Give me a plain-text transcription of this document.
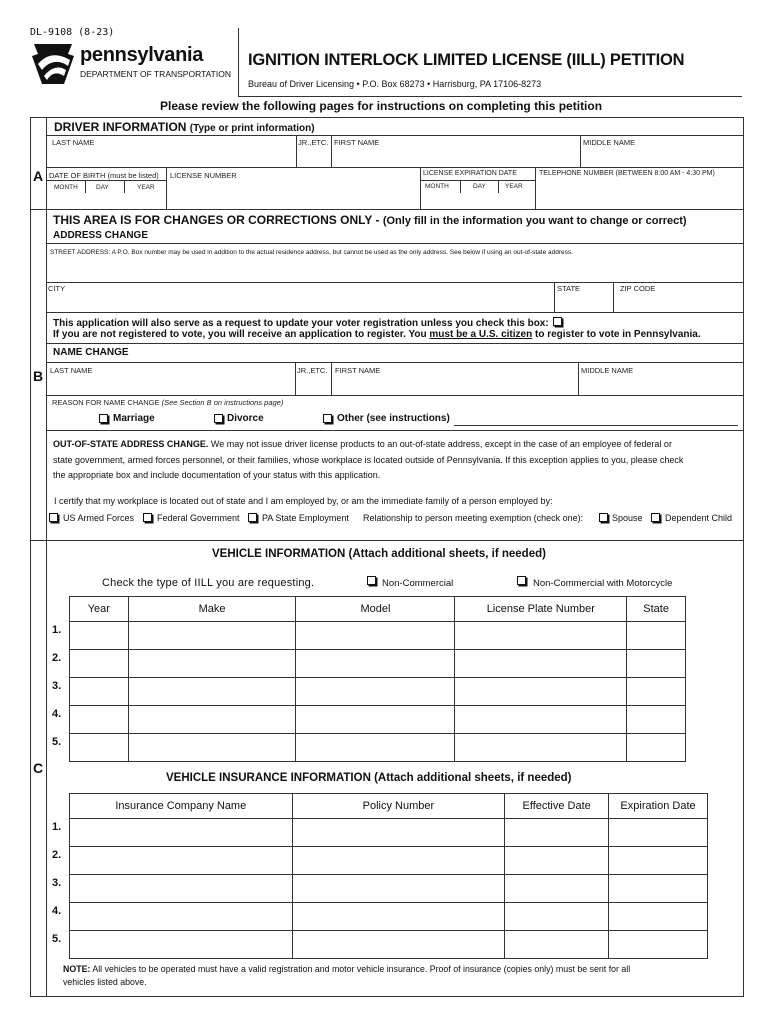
DL-9108 (8-23)
pennsylvania
DEPARTMENT OF TRANSPORTATION
IGNITION INTERLOCK LIMITED LICENSE (IILL) PETITION
Bureau of Driver Licensing • P.O. Box 68273 • Harrisburg, PA 17106-8273
Please review the following pages for instructions on completing this petition
A
B
C
DRIVER INFORMATION (Type or print information)
LAST NAME	JR.,ETC. FIRST NAME	MIDDLE NAME
DATE OF BIRTH (must be listed)
MONTH	DAY	YEAR
LICENSE NUMBER	LICENSE EXPIRATION DATE
MONTH	DAY	YEAR
TELEPHONE NUMBER (BETWEEN 8:00 AM - 4:30 PM)
THIS AREA IS FOR CHANGES OR CORRECTIONS ONLY - (Only fill in the information you want to change or correct)
ADDRESS CHANGE
STREET ADDRESS: A P.O. Box number may be used in addition to the actual residence address, but cannot be used as the only address. See below if using an out-of-state address.
CITY	STATE	ZIP CODE
This application will also serve as a request to update your voter registration unless you check this box:
If you are not registered to vote, you will receive an application to register. You must be a U.S. citizen to register to vote in Pennsylvania.
NAME CHANGE
LAST NAME	JR.,ETC. FIRST NAME	MIDDLE NAME
REASON FOR NAME CHANGE (See Section B on instructions page)
Marriage	Divorce	Other (see instructions)
OUT-OF-STATE ADDRESS CHANGE. We may not issue driver license products to an out-of-state address, except in the case of an employee of federal or
state government, armed forces personnel, or their families, whose workplace is located outside of Pennsylvania. If this exception applies to you, please check
the appropriate box and include documentation of your status with this application.
I certify that my workplace is located out of state and I am employed by, or am the immediate family of a person employed by:
US Armed Forces	Federal Government PA State Employment Relationship to person meeting exemption (check one):	Spouse Dependent Child
VEHICLE INFORMATION (Attach additional sheets, if needed)
Check the type of IILL you are requesting.	Non-Commercial	Non-Commercial with Motorcycle
Year	Make	Model	License Plate Number	State

1.
2.
3.
4.
5.
VEHICLE INSURANCE INFORMATION (Attach additional sheets, if needed)
Insurance Company Name	Policy Number	Effective Date	Expiration Date

1.
2.
3.
4.
5.
NOTE: All vehicles to be operated must have a valid registration and motor vehicle insurance. Proof of insurance (copies only) must be sent for all
vehicles listed above.
